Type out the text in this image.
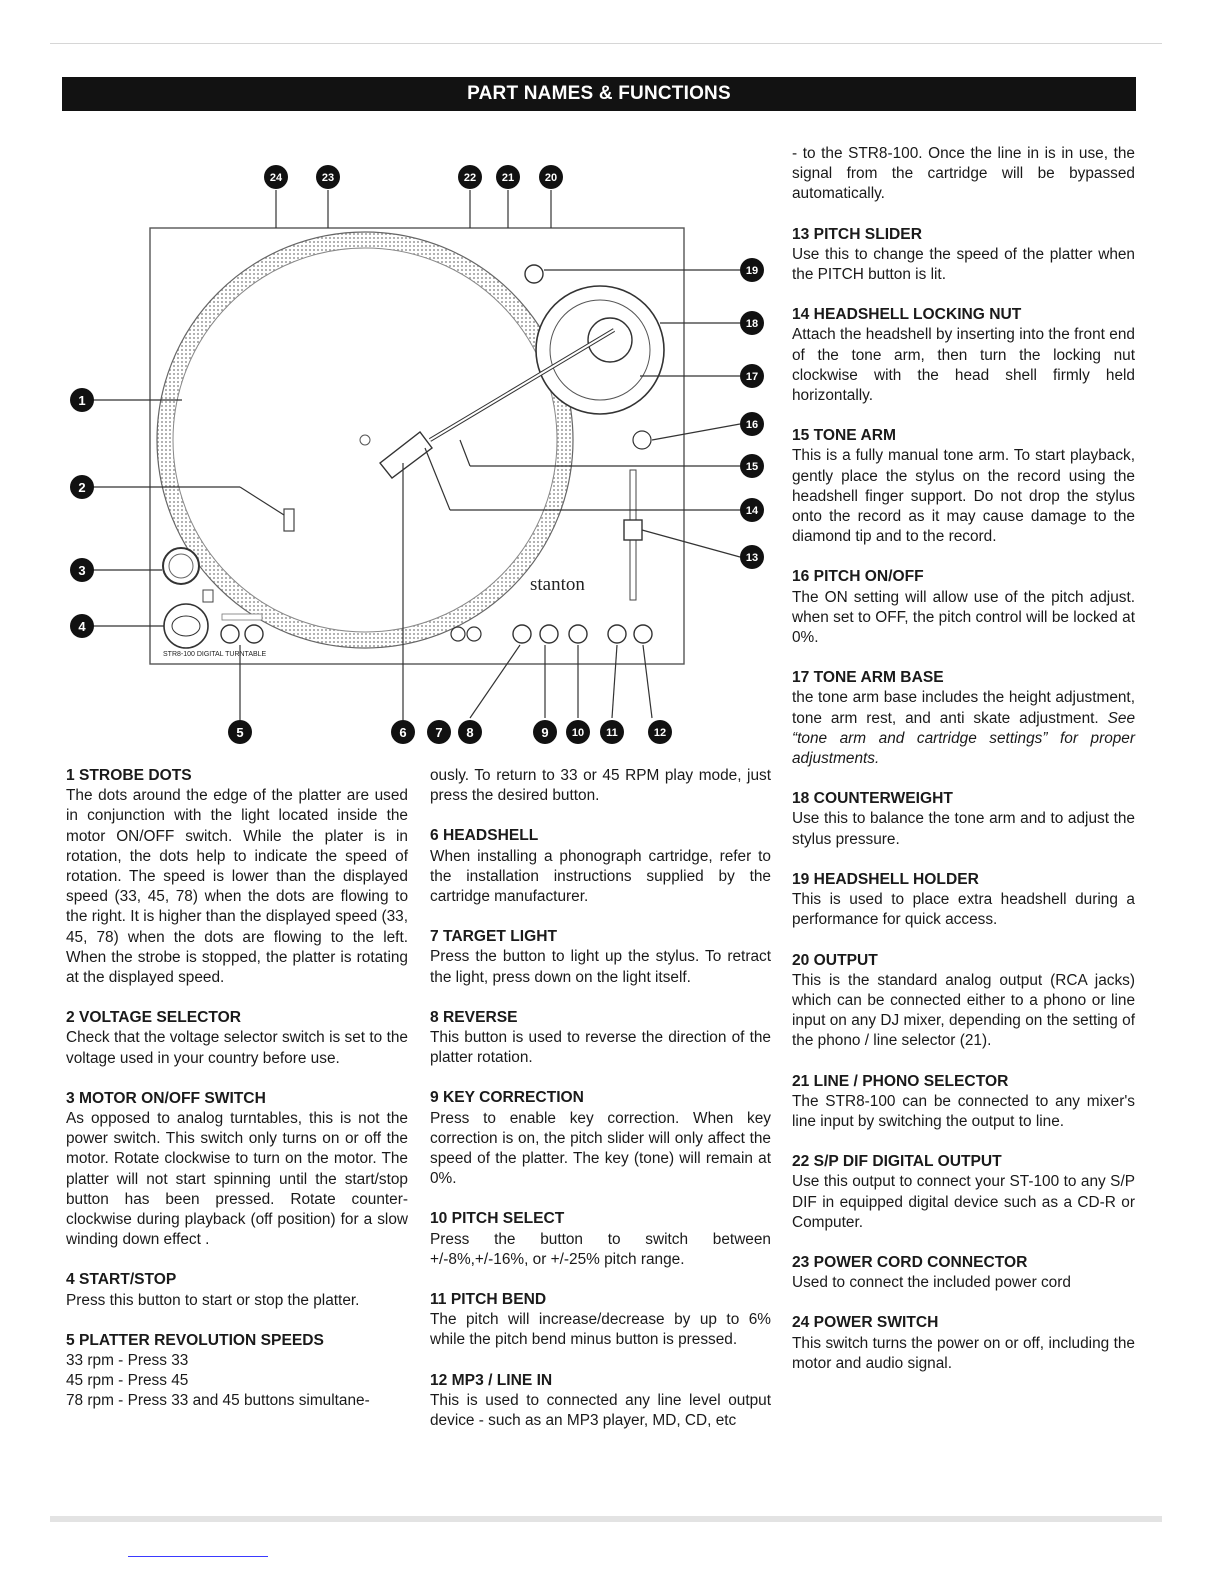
PART NAMES & FUNCTIONS
STR8-100 DIGITAL TURNTABLE
stanton
1
2
3
4
5	6 7 8	9 10 11	12
13
14
15
16
17
18
19
20
21
22
23
24
1 STROBE DOTS

The dots around the edge of the platter are used in conjunction with the light located inside the motor ON/OFF switch. While the plater is in rotation, the dots help to indicate the speed of rotation. The speed is lower than the displayed speed (33, 45, 78) when the dots are flowing to the right. It is higher than the displayed speed (33, 45, 78) when the dots are flowing to the left. When the strobe is stopped, the platter is rotating at the displayed speed.

2 VOLTAGE SELECTOR

Check that the voltage selector switch is set to the voltage used in your country before use.

3 MOTOR ON/OFF SWITCH

As opposed to analog turntables, this is not the power switch. This switch only turns on or off the motor. Rotate clockwise to turn on the motor. The platter will not start spinning until the start/stop button has been pressed. Rotate counter-clockwise during playback (off position) for a slow winding down effect .

4 START/STOP

Press this button to start or stop the platter.

5 PLATTER REVOLUTION SPEEDS

33 rpm - Press 33

45 rpm - Press 45

78 rpm - Press 33 and 45 buttons simultane-

ously. To return to 33 or 45 RPM play mode, just press the desired button.

6 HEADSHELL

When installing a phonograph cartridge, refer to the installation instructions supplied by the cartridge manufacturer.

7 TARGET LIGHT

Press the button to light up the stylus. To retract the light, press down on the light itself.

8 REVERSE

This button is used to reverse the direction of the platter rotation.

9 KEY CORRECTION

Press to enable key correction. When key correction is on, the pitch slider will only affect the speed of the platter. The key (tone) will remain at 0%.

10 PITCH SELECT

Press the button to switch between +/-8%,+/-16%, or +/-25% pitch range.

11 PITCH BEND

The pitch will increase/decrease by up to 6% while the pitch bend minus button is pressed.

12 MP3 / LINE IN

This is used to connected any line level output device - such as an MP3 player, MD, CD, etc

- to the STR8-100. Once the line in is in use, the signal from the cartridge will be bypassed automatically.

13 PITCH SLIDER

Use this to change the speed of the platter when the PITCH button is lit.

14 HEADSHELL LOCKING NUT

Attach the headshell by inserting into the front end of the tone arm, then turn the locking nut clockwise with the head shell firmly held horizontally.

15 TONE ARM

This is a fully manual tone arm. To start playback, gently place the stylus on the record using the headshell finger support. Do not drop the stylus onto the record as it may cause damage to the diamond tip and to the record.

16 PITCH ON/OFF

The ON setting will allow use of the pitch adjust. when set to OFF, the pitch control will be locked at 0%.

17 TONE ARM BASE

the tone arm base includes the height adjustment, tone arm rest, and anti skate adjustment. See “tone arm and cartridge settings” for proper adjustments.

18 COUNTERWEIGHT

Use this to balance the tone arm and to adjust the stylus pressure.

19 HEADSHELL HOLDER

This is used to place extra headshell during a performance for quick access.

20 OUTPUT

This is the standard analog output (RCA jacks) which can be connected either to a phono or line input on any DJ mixer, depending on the setting of the phono / line selector (21).

21 LINE / PHONO SELECTOR

The STR8-100 can be connected to any mixer's line input by switching the output to line.

22 S/P DIF DIGITAL OUTPUT

Use this output to connect your ST-100 to any S/P DIF in equipped digital device such as a CD-R or Computer.

23 POWER CORD CONNECTOR

Used to connect the included power cord

24 POWER SWITCH

This switch turns the power on or off, including the motor and audio signal.
